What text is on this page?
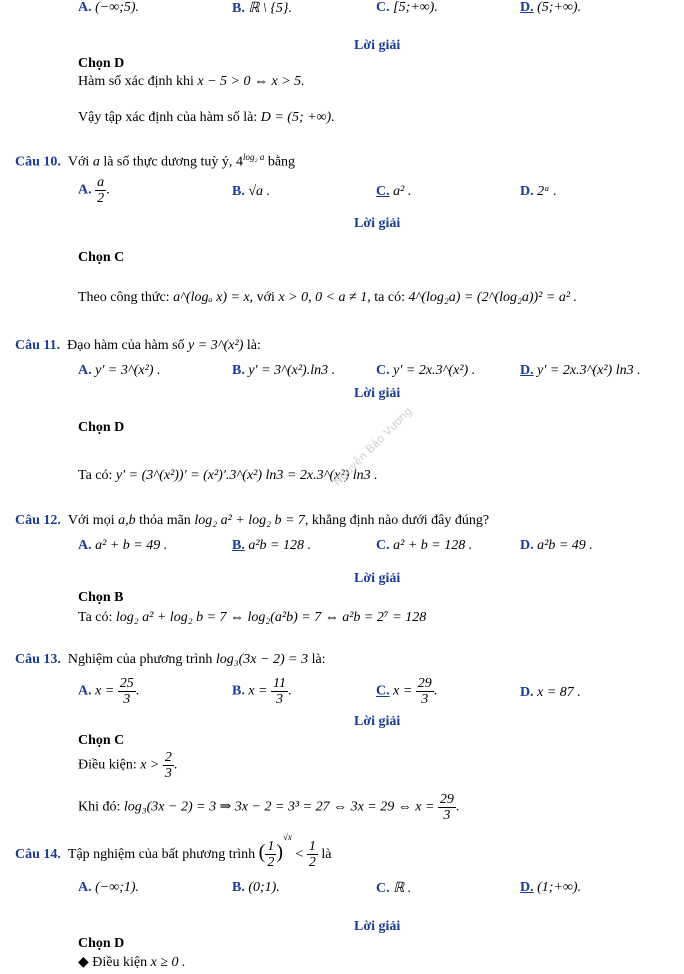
A. (−∞;5).	B. ℝ \ {5}.	C. [5;+∞).	D. (5;+∞).
Lời giải
Chọn D
Hàm số xác định khi x − 5 > 0 ⇔ x > 5.
Vậy tập xác định của hàm số là: D = (5; +∞).
Câu 10. Với a là số thực dương tuỳ ý, $4^{log_2 a}$ bằng
A. $\frac{a}{2}$ .	B. √a .	C. a² .	D. 2ᵃ .
Lời giải
Chọn C
Theo công thức: a^(logₐ x) = x, với x > 0, 0 < a ≠ 1, ta có: 4^(log₂a) = (2^(log₂a))² = a² .
Câu 11. Đạo hàm của hàm số y = 3^(x²) là:
A. y′ = 3^(x²) .	B. y′ = 3^(x²).ln3 .	C. y′ = 2x.3^(x²) .	D. y′ = 2x.3^(x²) ln3 .
Lời giải
Chọn D
Ta có: y′ = (3^(x²))′ = (x²)′.3^(x²) ln3 = 2x.3^(x²) ln3 .
Nguyễn Bảo Vương
Câu 12. Với mọi a,b thỏa mãn log₂ a² + log₂ b = 7, khẳng định nào dưới đây đúng?
A. a² + b = 49 .	B. a²b = 128 .	C. a² + b = 128 .	D. a²b = 49 .
Lời giải
Chọn B
Ta có: log₂ a² + log₂ b = 7 ⇔ log₂(a²b) = 7 ⇔ a²b = 2⁷ = 128
Câu 13. Nghiệm của phương trình log₃(3x − 2) = 3 là:
A. $x = \frac{25}{3}$ .	B. $x = \frac{11}{3}$ .	C. $x = \frac{29}{3}$ .	D. x = 87 .
Lời giải
Chọn C
Điều kiện: $x > \frac{2}{3}$ .
Khi đó: log₃(3x − 2) = 3 ⇒ 3x − 2 = 3³ = 27 ⇔ 3x = 29 ⇔ $x = \frac{29}{3}$ .
Câu 14. Tập nghiệm của bất phương trình ( $\frac{1}{2} )^{√x} < \frac{1}{2}$ là
A. (−∞;1).	B. (0;1).	C. ℝ .	D. (1;+∞).
Lời giải
Chọn D
◆ Điều kiện x ≥ 0 .
